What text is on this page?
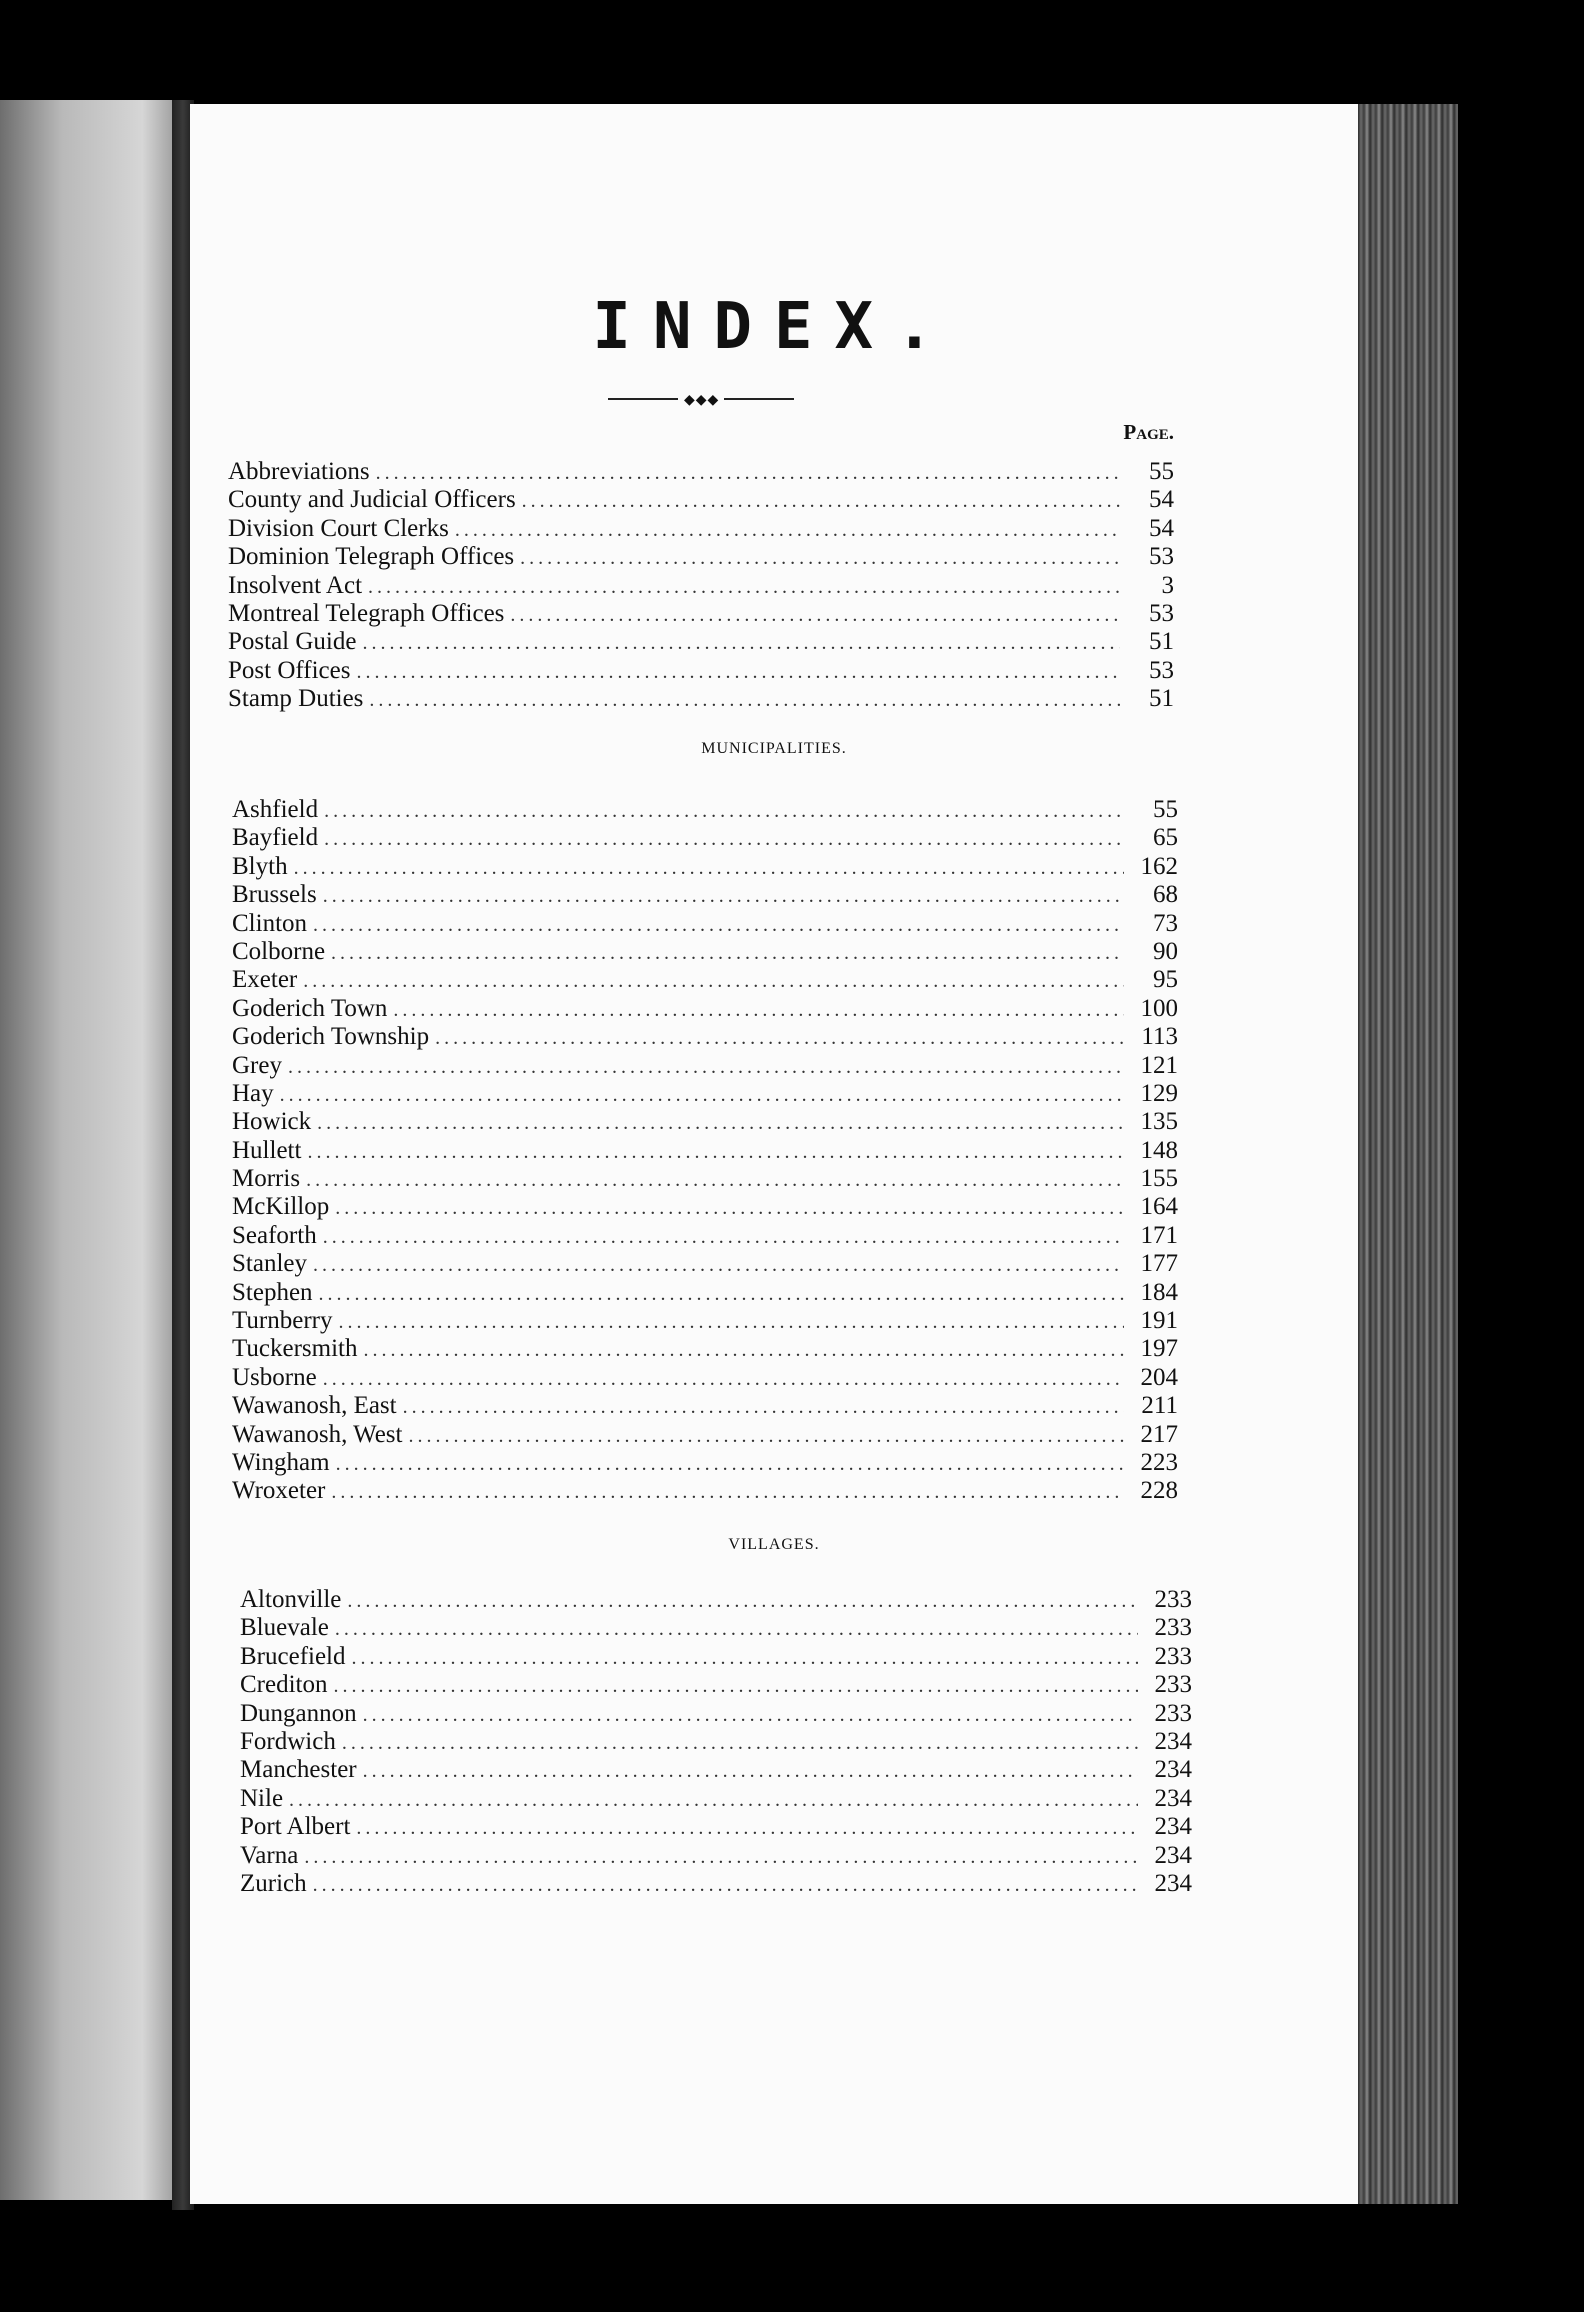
INDEX.
◆◆◆
Page.
Abbreviations .....	55
County and Judicial Officers .....	54
Division Court Clerks .....	54
Dominion Telegraph Offices .....	53
Insolvent Act .....	3
Montreal Telegraph Offices .....	53
Postal Guide .....	51
Post Offices .....	53
Stamp Duties .....	51
MUNICIPALITIES.
Ashfield .....	55
Bayfield .....	65
Blyth .....	162
Brussels .....	68
Clinton .....	73
Colborne .....	90
Exeter .....	95
Goderich Town .....	100
Goderich Township .....	113
Grey .....	121
Hay .....	129
Howick .....	135
Hullett .....	148
Morris .....	155
McKillop .....	164
Seaforth .....	171
Stanley .....	177
Stephen .....	184
Turnberry .....	191
Tuckersmith .....	197
Usborne .....	204
Wawanosh, East .....	211
Wawanosh, West .....	217
Wingham .....	223
Wroxeter .....	228
VILLAGES.
Altonville .....	233
Bluevale .....	233
Brucefield .....	233
Crediton .....	233
Dungannon .....	233
Fordwich .....	234
Manchester .....	234
Nile .....	234
Port Albert .....	234
Varna .....	234
Zurich .....	234
